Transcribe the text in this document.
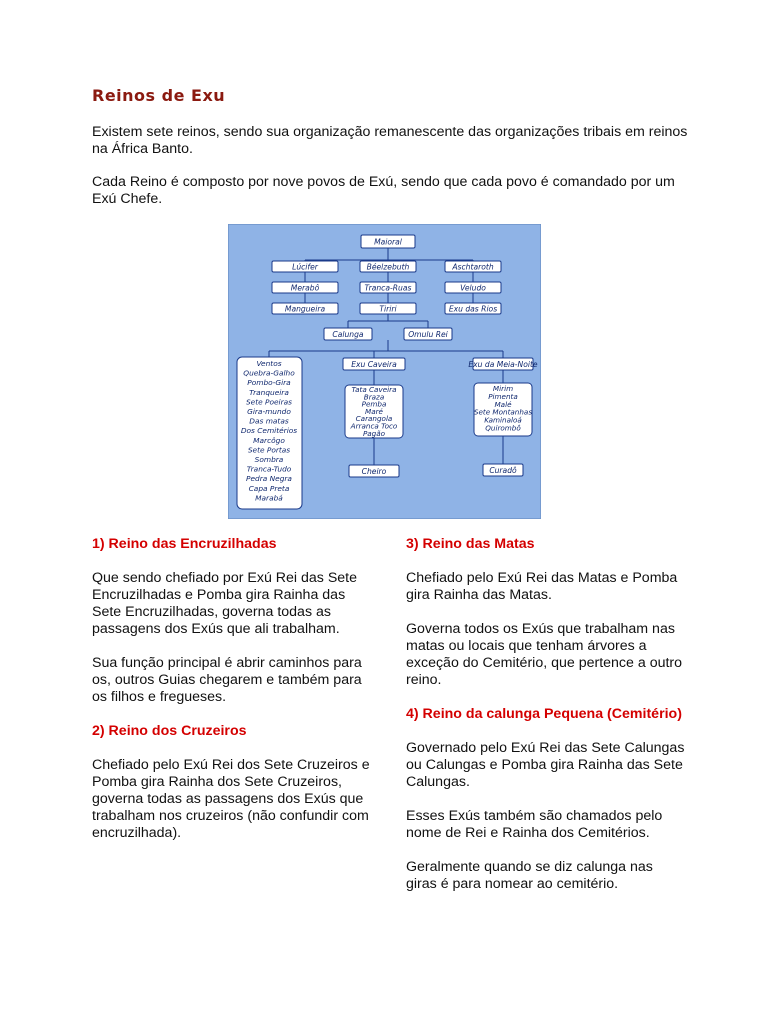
Reinos de Exu

Existem sete reinos, sendo sua organização remanescente das organizações tribais em reinos na África Banto.

Cada Reino é composto por nove povos de Exú, sendo que cada povo é comandado por um Exú Chefe.

Maioral
Lúcifer	Béelzebuth	Aschtaroth
Merabô	Tranca-Ruas	Veludo
Mangueira	Tiriri	Exu das Rios
Calunga	Omulu Rei
Ventos
Quebra-Galho
Pombo-Gira
Tranqueira
Sete Poeiras
Gira-mundo
Das matas
Dos Cemitérios
Marcôgo
Sete Portas
Sombra
Tranca-Tudo
Pedra Negra
Capa Preta
Marabá
Exu Caveira
Tata Caveira
Braza
Pemba
Maré
Carangola
Arranca Toco
Pagão
Cheiro
Exu da Meia-Noite
Mirim
Pimenta
Malé
Sete Montanhas
Kaminaloá
Quirombô
Curadô
1) Reino das Encruzilhadas

Que sendo chefiado por Exú Rei das Sete Encruzilhadas e Pomba gira Rainha das Sete Encruzilhadas, governa todas as passagens dos Exús que ali trabalham.

Sua função principal é abrir caminhos para os, outros Guias chegarem e também para os filhos e fregueses.

2) Reino dos Cruzeiros

Chefiado pelo Exú Rei dos Sete Cruzeiros e Pomba gira Rainha dos Sete Cruzeiros, governa todas as passagens dos Exús que trabalham nos cruzeiros (não confundir com encruzilhada).

3) Reino das Matas

Chefiado pelo Exú Rei das Matas e Pomba gira Rainha das Matas.

Governa todos os Exús que trabalham nas matas ou locais que tenham árvores a exceção do Cemitério, que pertence a outro reino.

4) Reino da calunga Pequena (Cemitério)

Governado pelo Exú Rei das Sete Calungas ou Calungas e Pomba gira Rainha das Sete Calungas.

Esses Exús também são chamados pelo nome de Rei e Rainha dos Cemitérios.

Geralmente quando se diz calunga nas giras é para nomear ao cemitério.
